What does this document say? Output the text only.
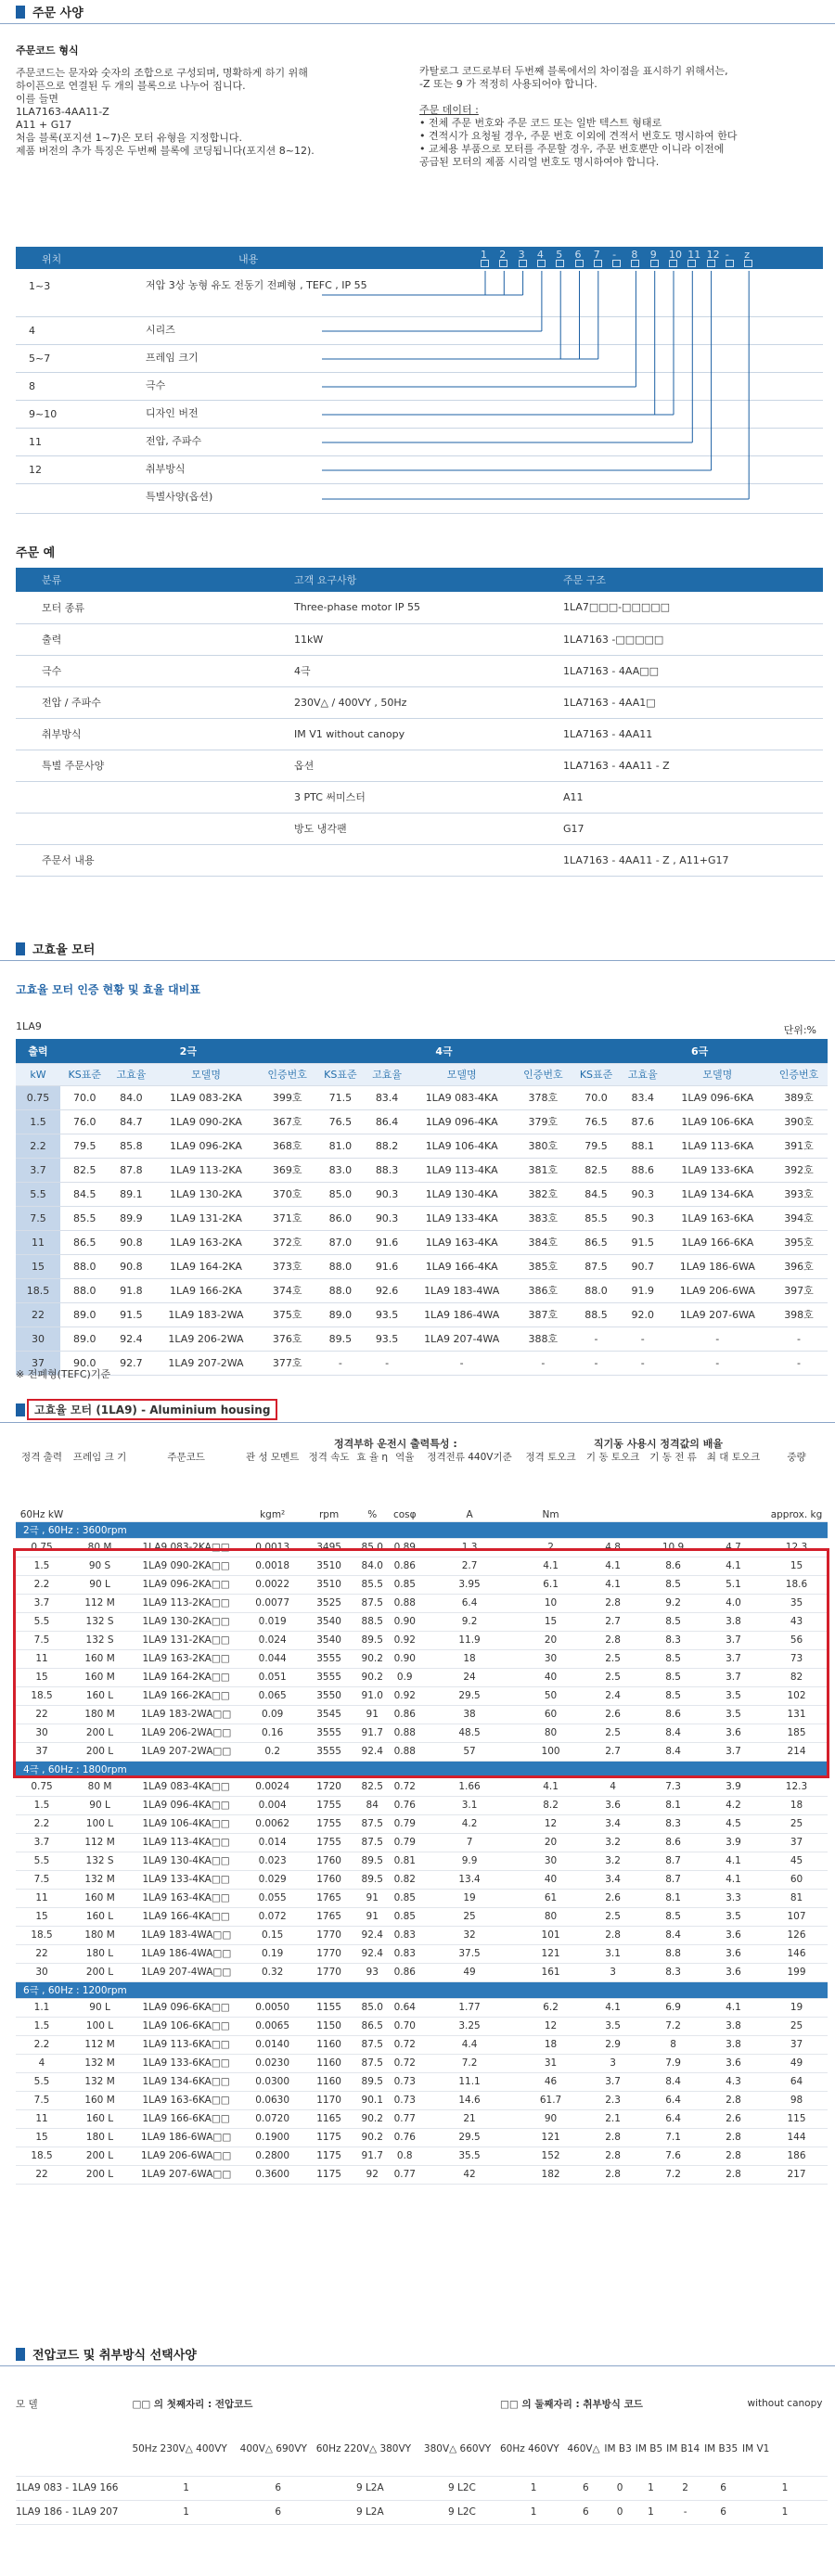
주문 사양
주문코드 형식
주문코드는 문자와 숫자의 조합으로 구성되며, 명확하게 하기 위해
하이픈으로 연결된 두 개의 블록으로 나누어 집니다.
이를 들면
1LA7163-4AA11-Z
A11 + G17
처음 블록(포지션 1~7)은 모터 유형을 지정합니다.
제품 버전의 추가 특징은 두번째 블록에 코딩됩니다(포지션 8~12).
카탈로그 코드로부터 두번째 블록에서의 차이점을 표시하기 위해서는,
-Z 또는 9 가 적정히 사용되어야 합니다.
주문 데이터 :
• 전체 주문 번호와 주문 코드 또는 일반 텍스트 형태로
• 견적시가 요청될 경우, 주문 번호 이외에 견적서 번호도 명시하여 한다
• 교체용 부품으로 모터를 주문할 경우, 주문 번호뿐만 이니라 이전에
공급된 모터의 제품 시리얼 번호도 명시하여야 합니다.
위치	내용	1 2 3 4 5 6 7 - 8 9 10 11 12 - z
1~3	저압 3상 농형 유도 전동기 전폐형 , TEFC , IP 55
4	시리즈
5~7	프레임 크기
8	극수
9~10	디자인 버전
11	전압, 주파수
12	취부방식
특별사양(옵션)
주문 예
분류	고객 요구사항	주문 구조
모터 종류	Three-phase motor IP 55	1LA7□□□-□□□□□
출력	11kW	1LA7163 -□□□□□
극수	4극	1LA7163 - 4AA□□
전압 / 주파수	230V△ / 400VY , 50Hz	1LA7163 - 4AA1□
취부방식	IM V1 without canopy	1LA7163 - 4AA11
특별 주문사양	옵션	1LA7163 - 4AA11 - Z
	3 PTC 써미스터	A11
	방도 냉각팬	G17
주문서 내용		1LA7163 - 4AA11 - Z , A11+G17
고효율 모터
고효율 모터 인증 현황 및 효율 대비표
1LA9	단위:%
출력	2극				4극				6극			
kW	KS표준	고효율	모델명	인증번호	KS표준	고효율	모델명	인증번호	KS표준	고효율	모델명	인증번호
0.75	70.0	84.0	1LA9 083-2KA	399호	71.5	83.4	1LA9 083-4KA	378호	70.0	83.4	1LA9 096-6KA	389호
1.5	76.0	84.7	1LA9 090-2KA	367호	76.5	86.4	1LA9 096-4KA	379호	76.5	87.6	1LA9 106-6KA	390호
2.2	79.5	85.8	1LA9 096-2KA	368호	81.0	88.2	1LA9 106-4KA	380호	79.5	88.1	1LA9 113-6KA	391호
3.7	82.5	87.8	1LA9 113-2KA	369호	83.0	88.3	1LA9 113-4KA	381호	82.5	88.6	1LA9 133-6KA	392호
5.5	84.5	89.1	1LA9 130-2KA	370호	85.0	90.3	1LA9 130-4KA	382호	84.5	90.3	1LA9 134-6KA	393호
7.5	85.5	89.9	1LA9 131-2KA	371호	86.0	90.3	1LA9 133-4KA	383호	85.5	90.3	1LA9 163-6KA	394호
11	86.5	90.8	1LA9 163-2KA	372호	87.0	91.6	1LA9 163-4KA	384호	86.5	91.5	1LA9 166-6KA	395호
15	88.0	90.8	1LA9 164-2KA	373호	88.0	91.6	1LA9 166-4KA	385호	87.5	90.7	1LA9 186-6WA	396호
18.5	88.0	91.8	1LA9 166-2KA	374호	88.0	92.6	1LA9 183-4WA	386호	88.0	91.9	1LA9 206-6WA	397호
22	89.0	91.5	1LA9 183-2WA	375호	89.0	93.5	1LA9 186-4WA	387호	88.5	92.0	1LA9 207-6WA	398호
30	89.0	92.4	1LA9 206-2WA	376호	89.5	93.5	1LA9 207-4WA	388호	-	-	-	-
37	90.0	92.7	1LA9 207-2WA	377호	-	-	-	-	-	-	-	-
※ 전폐형(TEFC)기준
고효율 모터 (1LA9) - Aluminium housing
정격부하 운전시 출력특성 :	직기동 사용시 정격값의 배율
정격 출력	프레임 크 기	주문코드	관 성 모멘트	정격 속도	효 율 η	역율	정격전류 440V기준	정격 토오크	기 동 토오크	기 동 전 류	최 대 토오크	중량
60Hz kW			kgm²	rpm	%	cosφ	A	Nm				approx. kg
2극 , 60Hz : 3600rpm												
0.75	80 M	1LA9 083-2KA□□	0.0013	3495	85.0	0.89	1.3	2	4.8	10.9	4.7	12.3
1.5	90 S	1LA9 090-2KA□□	0.0018	3510	84.0	0.86	2.7	4.1	4.1	8.6	4.1	15
2.2	90 L	1LA9 096-2KA□□	0.0022	3510	85.5	0.85	3.95	6.1	4.1	8.5	5.1	18.6
3.7	112 M	1LA9 113-2KA□□	0.0077	3525	87.5	0.88	6.4	10	2.8	9.2	4.0	35
5.5	132 S	1LA9 130-2KA□□	0.019	3540	88.5	0.90	9.2	15	2.7	8.5	3.8	43
7.5	132 S	1LA9 131-2KA□□	0.024	3540	89.5	0.92	11.9	20	2.8	8.3	3.7	56
11	160 M	1LA9 163-2KA□□	0.044	3555	90.2	0.90	18	30	2.5	8.5	3.7	73
15	160 M	1LA9 164-2KA□□	0.051	3555	90.2	0.9	24	40	2.5	8.5	3.7	82
18.5	160 L	1LA9 166-2KA□□	0.065	3550	91.0	0.92	29.5	50	2.4	8.5	3.5	102
22	180 M	1LA9 183-2WA□□	0.09	3545	91	0.86	38	60	2.6	8.6	3.5	131
30	200 L	1LA9 206-2WA□□	0.16	3555	91.7	0.88	48.5	80	2.5	8.4	3.6	185
37	200 L	1LA9 207-2WA□□	0.2	3555	92.4	0.88	57	100	2.7	8.4	3.7	214
4극 , 60Hz : 1800rpm												
0.75	80 M	1LA9 083-4KA□□	0.0024	1720	82.5	0.72	1.66	4.1	4	7.3	3.9	12.3
1.5	90 L	1LA9 096-4KA□□	0.004	1755	84	0.76	3.1	8.2	3.6	8.1	4.2	18
2.2	100 L	1LA9 106-4KA□□	0.0062	1755	87.5	0.79	4.2	12	3.4	8.3	4.5	25
3.7	112 M	1LA9 113-4KA□□	0.014	1755	87.5	0.79	7	20	3.2	8.6	3.9	37
5.5	132 S	1LA9 130-4KA□□	0.023	1760	89.5	0.81	9.9	30	3.2	8.7	4.1	45
7.5	132 M	1LA9 133-4KA□□	0.029	1760	89.5	0.82	13.4	40	3.4	8.7	4.1	60
11	160 M	1LA9 163-4KA□□	0.055	1765	91	0.85	19	61	2.6	8.1	3.3	81
15	160 L	1LA9 166-4KA□□	0.072	1765	91	0.85	25	80	2.5	8.5	3.5	107
18.5	180 M	1LA9 183-4WA□□	0.15	1770	92.4	0.83	32	101	2.8	8.4	3.6	126
22	180 L	1LA9 186-4WA□□	0.19	1770	92.4	0.83	37.5	121	3.1	8.8	3.6	146
30	200 L	1LA9 207-4WA□□	0.32	1770	93	0.86	49	161	3	8.3	3.6	199
6극 , 60Hz : 1200rpm												
1.1	90 L	1LA9 096-6KA□□	0.0050	1155	85.0	0.64	1.77	6.2	4.1	6.9	4.1	19
1.5	100 L	1LA9 106-6KA□□	0.0065	1150	86.5	0.70	3.25	12	3.5	7.2	3.8	25
2.2	112 M	1LA9 113-6KA□□	0.0140	1160	87.5	0.72	4.4	18	2.9	8	3.8	37
4	132 M	1LA9 133-6KA□□	0.0230	1160	87.5	0.72	7.2	31	3	7.9	3.6	49
5.5	132 M	1LA9 134-6KA□□	0.0300	1160	89.5	0.73	11.1	46	3.7	8.4	4.3	64
7.5	160 M	1LA9 163-6KA□□	0.0630	1170	90.1	0.73	14.6	61.7	2.3	6.4	2.8	98
11	160 L	1LA9 166-6KA□□	0.0720	1165	90.2	0.77	21	90	2.1	6.4	2.6	115
15	180 L	1LA9 186-6WA□□	0.1900	1175	90.2	0.76	29.5	121	2.8	7.1	2.8	144
18.5	200 L	1LA9 206-6WA□□	0.2800	1175	91.7	0.8	35.5	152	2.8	7.6	2.8	186
22	200 L	1LA9 207-6WA□□	0.3600	1175	92	0.77	42	182	2.8	7.2	2.8	217
전압코드 및 취부방식 선택사양
모 델	□□ 의 첫째자리 : 전압코드				□□ 의 둘째자리 : 취부방식 코드						without canopy
	50Hz 230V△ 400VY	400V△ 690VY	60Hz 220V△ 380VY	380V△ 660VY	60Hz 460VY	460V△	IM B3	IM B5	IM B14	IM B35	IM V1
1LA9 083 - 1LA9 166	1	6	9 L2A	9 L2C	1	6	0	1	2	6	1
1LA9 186 - 1LA9 207	1	6	9 L2A	9 L2C	1	6	0	1	-	6	1
